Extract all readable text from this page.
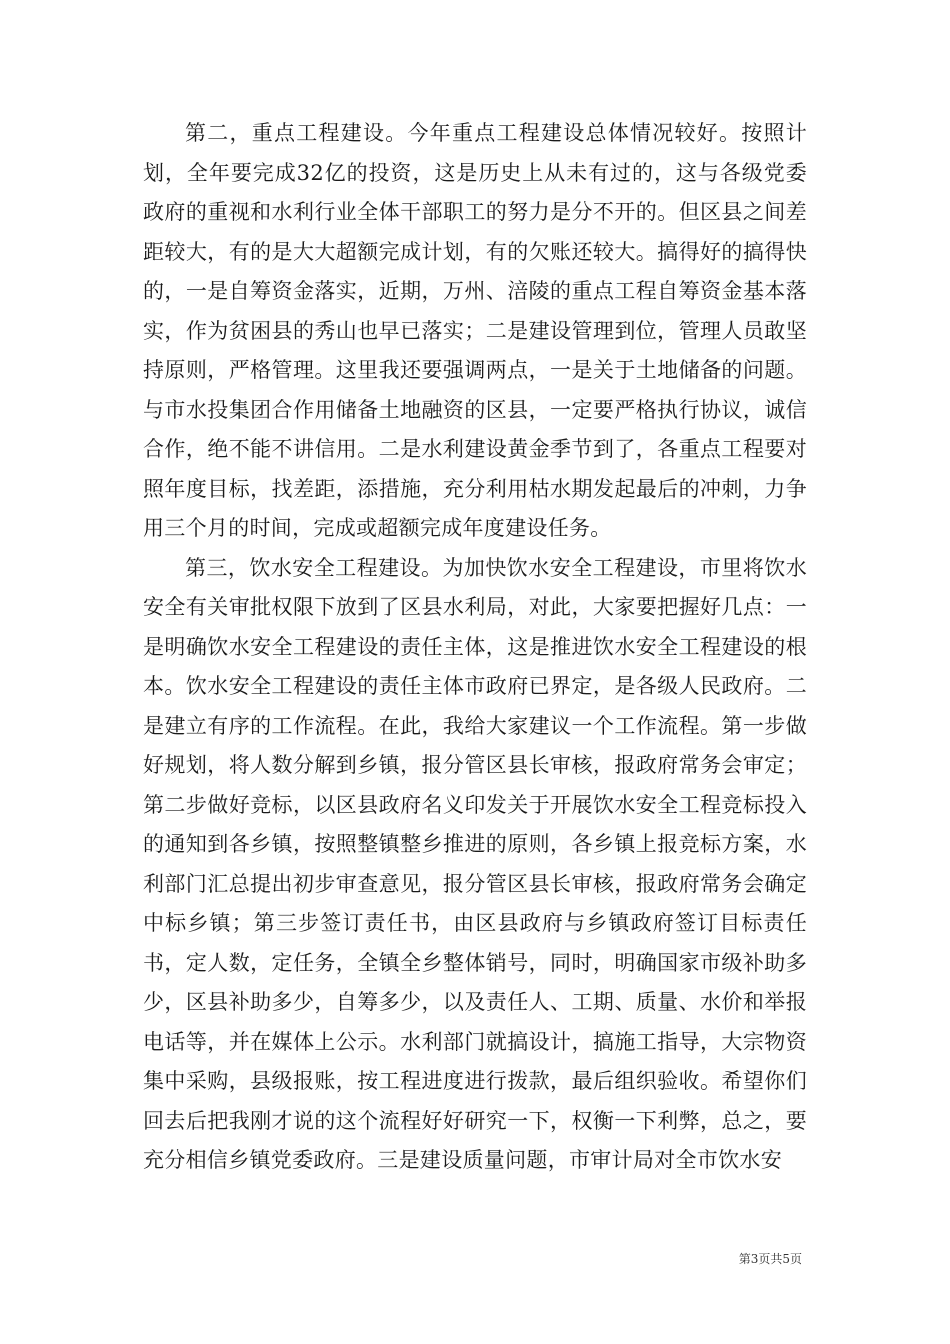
第二，重点工程建设。今年重点工程建设总体情况较好。按照计划，全年要完成32亿的投资，这是历史上从未有过的，这与各级党委政府的重视和水利行业全体干部职工的努力是分不开的。但区县之间差距较大，有的是大大超额完成计划，有的欠账还较大。搞得好的搞得快的，一是自筹资金落实，近期，万州、涪陵的重点工程自筹资金基本落实，作为贫困县的秀山也早已落实；二是建设管理到位，管理人员敢坚持原则，严格管理。这里我还要强调两点，一是关于土地储备的问题。与市水投集团合作用储备土地融资的区县，一定要严格执行协议，诚信合作，绝不能不讲信用。二是水利建设黄金季节到了，各重点工程要对照年度目标，找差距，添措施，充分利用枯水期发起最后的冲刺，力争用三个月的时间，完成或超额完成年度建设任务。

第三，饮水安全工程建设。为加快饮水安全工程建设，市里将饮水安全有关审批权限下放到了区县水利局，对此，大家要把握好几点：一是明确饮水安全工程建设的责任主体，这是推进饮水安全工程建设的根本。饮水安全工程建设的责任主体市政府已界定，是各级人民政府。二是建立有序的工作流程。在此，我给大家建议一个工作流程。第一步做好规划，将人数分解到乡镇，报分管区县长审核，报政府常务会审定；第二步做好竞标，以区县政府名义印发关于开展饮水安全工程竞标投入的通知到各乡镇，按照整镇整乡推进的原则，各乡镇上报竞标方案，水利部门汇总提出初步审查意见，报分管区县长审核，报政府常务会确定中标乡镇；第三步签订责任书，由区县政府与乡镇政府签订目标责任书，定人数，定任务，全镇全乡整体销号，同时，明确国家市级补助多少，区县补助多少，自筹多少，以及责任人、工期、质量、水价和举报电话等，并在媒体上公示。水利部门就搞设计，搞施工指导，大宗物资集中采购，县级报账，按工程进度进行拨款，最后组织验收。希望你们回去后把我刚才说的这个流程好好研究一下，权衡一下利弊，总之，要充分相信乡镇党委政府。三是建设质量问题，市审计局对全市饮水安

第3页共5页
